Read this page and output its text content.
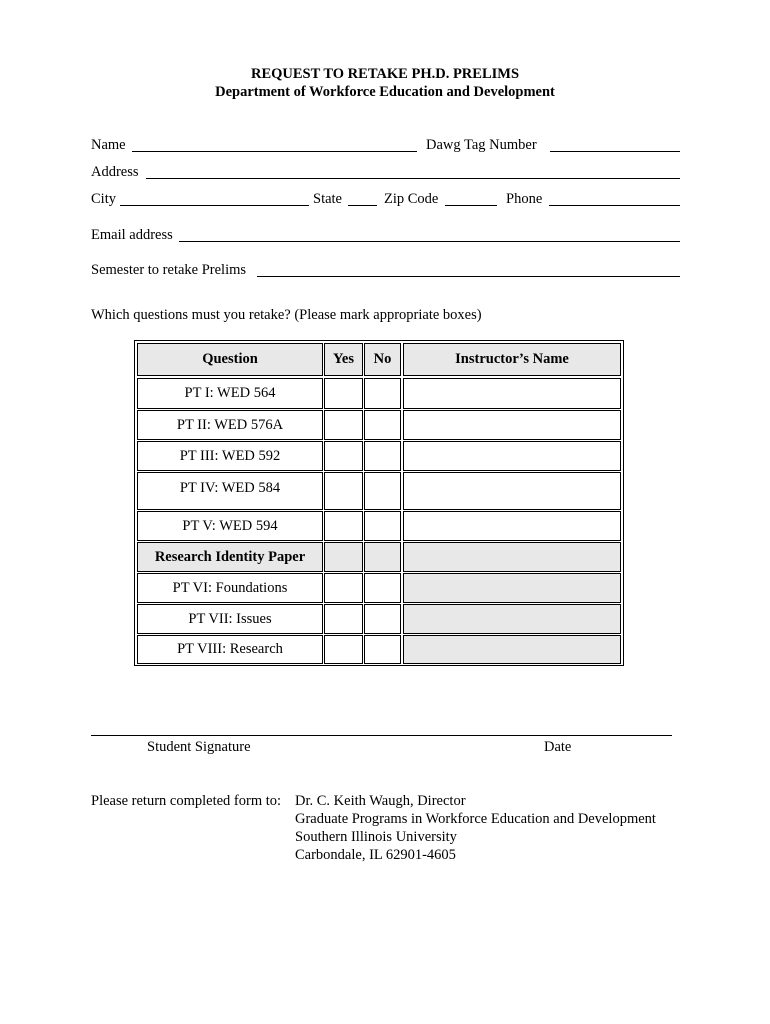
REQUEST TO RETAKE PH.D. PRELIMS
Department of Workforce Education and Development
Name	Dawg Tag Number
Address
City	State	Zip Code	Phone
Email address
Semester to retake Prelims
Which questions must you retake? (Please mark appropriate boxes)
Question	Yes	No	Instructor’s Name
PT I: WED 564
PT II: WED 576A
PT III: WED 592
PT IV: WED 584
PT V: WED 594
Research Identity Paper
PT VI: Foundations
PT VII: Issues
PT VIII: Research
Student Signature	Date
Please return completed form to: Dr. C. Keith Waugh, Director
Graduate Programs in Workforce Education and Development
Southern Illinois University
Carbondale, IL 62901-4605
